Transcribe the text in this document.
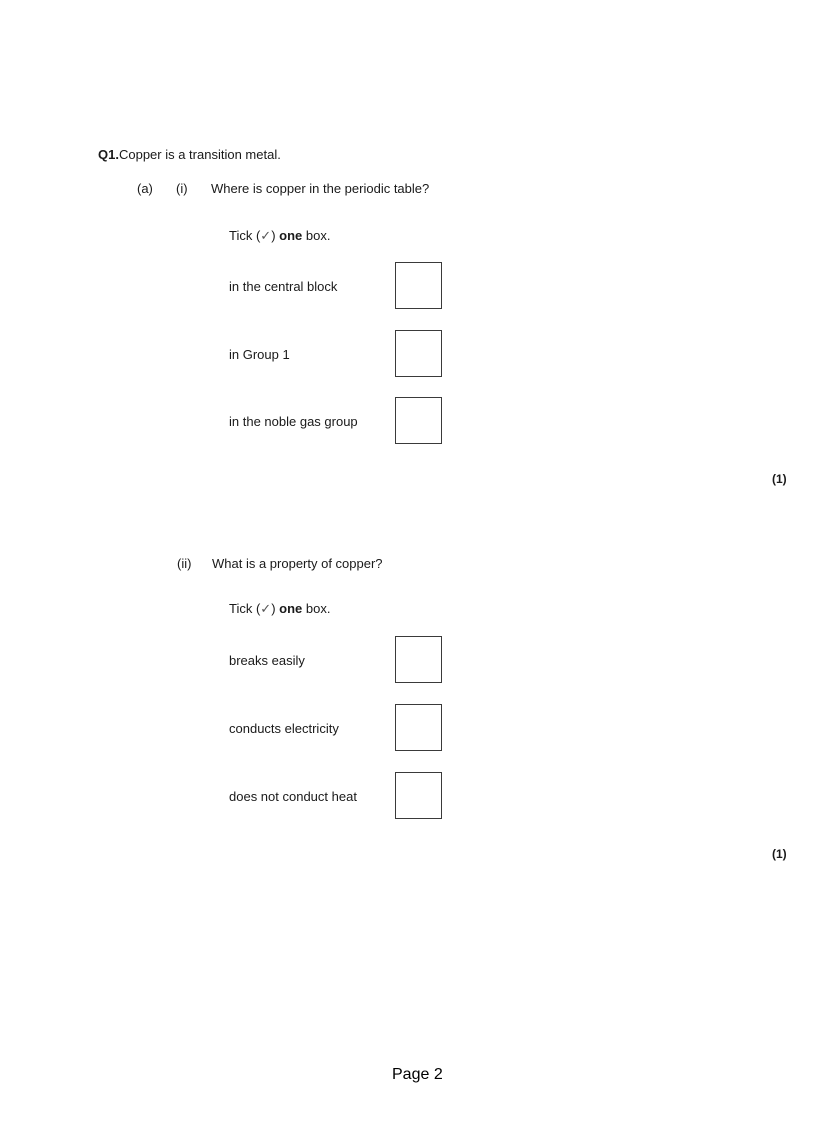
Q1.Copper is a transition metal.
(a) (i) Where is copper in the periodic table?
Tick (✓) one box.
in the central block
in Group 1
in the noble gas group
(1)
(ii) What is a property of copper?
Tick (✓) one box.
breaks easily
conducts electricity
does not conduct heat
(1)
Page 2
